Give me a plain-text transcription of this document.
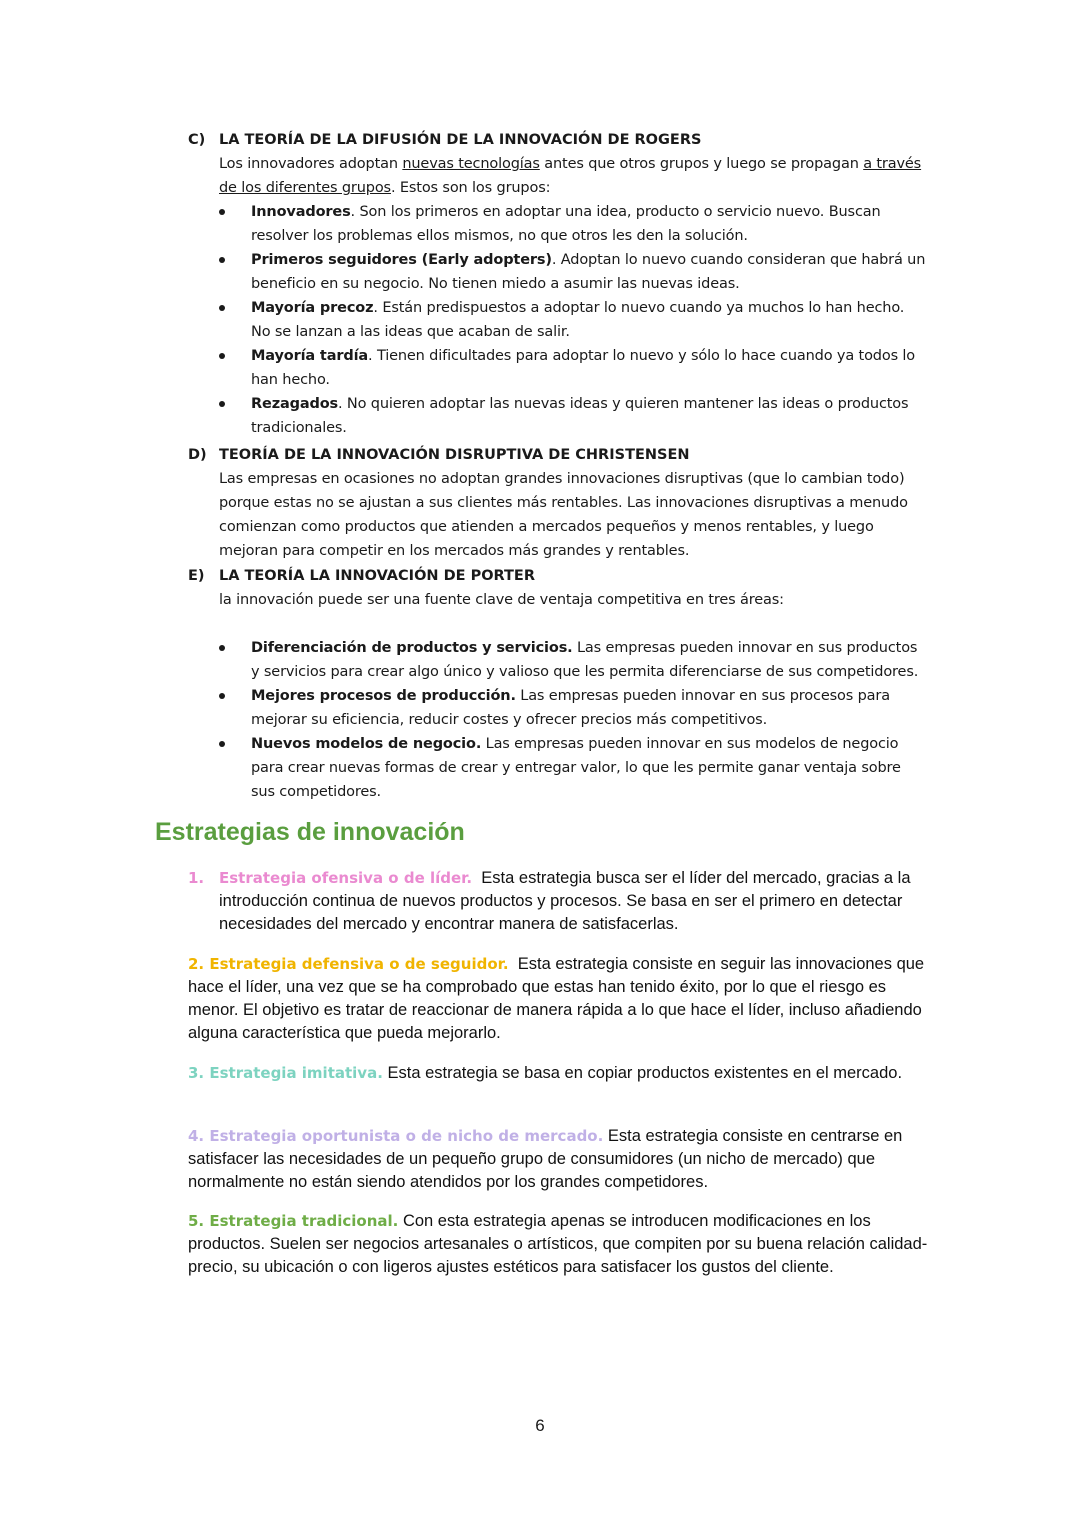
C) LA TEORÍA DE LA DIFUSIÓN DE LA INNOVACIÓN DE ROGERS
Los innovadores adoptan nuevas tecnologías antes que otros grupos y luego se propagan a través de los diferentes grupos. Estos son los grupos:
Innovadores. Son los primeros en adoptar una idea, producto o servicio nuevo. Buscan resolver los problemas ellos mismos, no que otros les den la solución.
Primeros seguidores (Early adopters). Adoptan lo nuevo cuando consideran que habrá un beneficio en su negocio. No tienen miedo a asumir las nuevas ideas.
Mayoría precoz. Están predispuestos a adoptar lo nuevo cuando ya muchos lo han hecho. No se lanzan a las ideas que acaban de salir.
Mayoría tardía. Tienen dificultades para adoptar lo nuevo y sólo lo hace cuando ya todos lo han hecho.
Rezagados. No quieren adoptar las nuevas ideas y quieren mantener las ideas o productos tradicionales.
D) TEORÍA DE LA INNOVACIÓN DISRUPTIVA DE CHRISTENSEN
Las empresas en ocasiones no adoptan grandes innovaciones disruptivas (que lo cambian todo) porque estas no se ajustan a sus clientes más rentables. Las innovaciones disruptivas a menudo comienzan como productos que atienden a mercados pequeños y menos rentables, y luego mejoran para competir en los mercados más grandes y rentables.
E) LA TEORÍA LA INNOVACIÓN DE PORTER
la innovación puede ser una fuente clave de ventaja competitiva en tres áreas:
Diferenciación de productos y servicios. Las empresas pueden innovar en sus productos y servicios para crear algo único y valioso que les permita diferenciarse de sus competidores.
Mejores procesos de producción. Las empresas pueden innovar en sus procesos para mejorar su eficiencia, reducir costes y ofrecer precios más competitivos.
Nuevos modelos de negocio. Las empresas pueden innovar en sus modelos de negocio para crear nuevas formas de crear y entregar valor, lo que les permite ganar ventaja sobre sus competidores.
Estrategias de innovación
1. Estrategia ofensiva o de líder. Esta estrategia busca ser el líder del mercado, gracias a la introducción continua de nuevos productos y procesos. Se basa en ser el primero en detectar necesidades del mercado y encontrar manera de satisfacerlas.
2. Estrategia defensiva o de seguidor. Esta estrategia consiste en seguir las innovaciones que hace el líder, una vez que se ha comprobado que estas han tenido éxito, por lo que el riesgo es menor. El objetivo es tratar de reaccionar de manera rápida a lo que hace el líder, incluso añadiendo alguna característica que pueda mejorarlo.
3. Estrategia imitativa. Esta estrategia se basa en copiar productos existentes en el mercado.
4. Estrategia oportunista o de nicho de mercado. Esta estrategia consiste en centrarse en satisfacer las necesidades de un pequeño grupo de consumidores (un nicho de mercado) que normalmente no están siendo atendidos por los grandes competidores.
5. Estrategia tradicional. Con esta estrategia apenas se introducen modificaciones en los productos. Suelen ser negocios artesanales o artísticos, que compiten por su buena relación calidad-precio, su ubicación o con ligeros ajustes estéticos para satisfacer los gustos del cliente.
6
